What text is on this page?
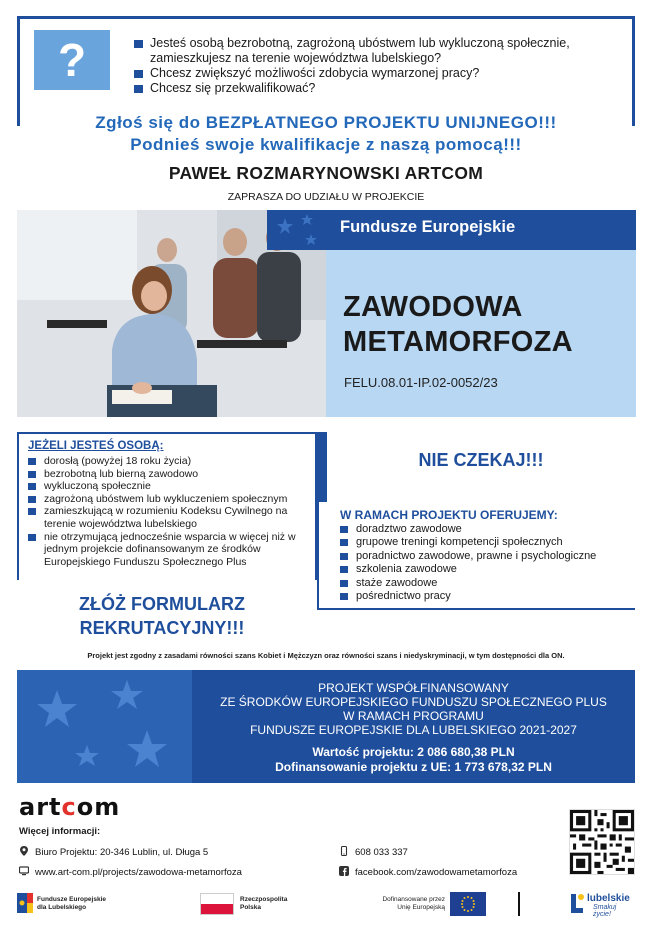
?	Jesteś osobą bezrobotną, zagrożoną ubóstwem lub wykluczoną społecznie, zamieszkujesz na terenie województwa lubelskiego?
Chcesz zwiększyć możliwości zdobycia wymarzonej pracy?
Chcesz się przekwalifikować?
Zgłoś się do BEZPŁATNEGO PROJEKTU UNIJNEGO!!!
Podnieś swoje kwalifikacje z naszą pomocą!!!
PAWEŁ ROZMARYNOWSKI ARTCOM
ZAPRASZA DO UDZIAŁU W PROJEKCIE
Fundusze Europejskie
ZAWODOWA
METAMORFOZA
FELU.08.01-IP.02-0052/23
JEŻELI JESTEŚ OSOBĄ:
dorosłą (powyżej 18 roku życia)
bezrobotną lub bierną zawodowo
wykluczoną społecznie
zagrożoną ubóstwem lub wykluczeniem społecznym
zamieszkującą w rozumieniu Kodeksu Cywilnego na terenie województwa lubelskiego
nie otrzymującą jednocześnie wsparcia w więcej niż w jednym projekcie dofinansowanym ze środków Europejskiego Funduszu Społecznego Plus
NIE CZEKAJ!!!
W RAMACH PROJEKTU OFERUJEMY:
doradztwo zawodowe
grupowe treningi kompetencji społecznych
poradnictwo zawodowe, prawne i psychologiczne
szkolenia zawodowe
staże zawodowe
pośrednictwo pracy
ZŁÓŻ FORMULARZ
REKRUTACYJNY!!!
Projekt jest zgodny z zasadami równości szans Kobiet i Mężczyzn oraz równości szans i niedyskryminacji, w tym dostępności dla ON.
PROJEKT WSPÓŁFINANSOWANY
ZE ŚRODKÓW EUROPEJSKIEGO FUNDUSZU SPOŁECZNEGO PLUS
W RAMACH PROGRAMU
FUNDUSZE EUROPEJSKIE DLA LUBELSKIEGO 2021-2027
Wartość projektu: 2 086 680,38 PLN
Dofinansowanie projektu z UE: 1 773 678,32 PLN
artcom
Więcej informacji:
Biuro Projektu: 20-346 Lublin, ul. Długa 5
www.art-com.pl/projects/zawodowa-metamorfoza
608 033 337
facebook.com/zawodowametamorfoza
Fundusze Europejskie
dla Lubelskiego
Rzeczpospolita
Polska
Dofinansowane przez
Unię Europejską
lubelskie
Smakuj życie!
